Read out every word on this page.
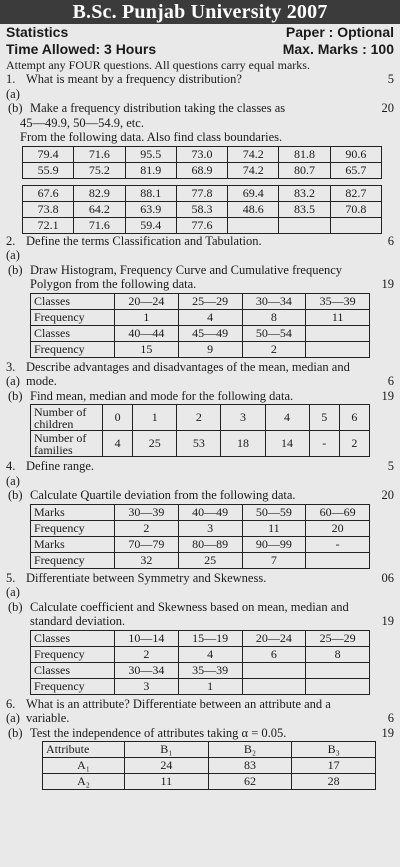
B.Sc. Punjab University 2007
Statistics	Paper : Optional
Time Allowed: 3 Hours	Max. Marks : 100
Attempt any FOUR questions. All questions carry equal marks.
1.(a)
What is meant by a frequency distribution?	5
(b) Make a frequency distribution taking the classes as	20
45—49.9, 50—54.9, etc.
From the following data. Also find class boundaries.
79.4	71.6	95.5	73.0	74.2	81.8	90.6
55.9	75.2	81.9	68.9	74.2	80.7	65.7
67.6	82.9	88.1	77.8	69.4	83.2	82.7
73.8	64.2	63.9	58.3	48.6	83.5	70.8
72.1	71.6	59.4	77.6			
2.(a)
Define the terms Classification and Tabulation.	6
(b) Draw Histogram, Frequency Curve and Cumulative frequency Polygon from the following data.	19
Classes	20—24	25—29	30—34	35—39
Frequency	1	4	8	11
Classes	40—44	45—49	50—54	
Frequency	15	9	2	
3.(a)
Describe advantages and disadvantages of the mean, median and mode.	6
(b) Find mean, median and mode for the following data.	19
Number of children	0	1	2	3	4	5	6
Number of families	4	25	53	18	14	-	2
4.(a)
Define range.	5
(b) Calculate Quartile deviation from the following data.	20
Marks	30—39	40—49	50—59	60—69
Frequency	2	3	11	20
Marks	70—79	80—89	90—99	-
Frequency	32	25	7	
5.(a)
Differentiate between Symmetry and Skewness.	06
(b) Calculate coefficient and Skewness based on mean, median and standard deviation.	19
Classes	10—14	15—19	20—24	25—29
Frequency	2	4	6	8
Classes	30—34	35—39		
Frequency	3	1		
6.(a)
What is an attribute? Differentiate between an attribute and a variable.	6
(b) Test the independence of attributes taking α = 0.05.	19
Attribute	B₁	B₂	B₃
A₁	24	83	17
A₂	11	62	28
